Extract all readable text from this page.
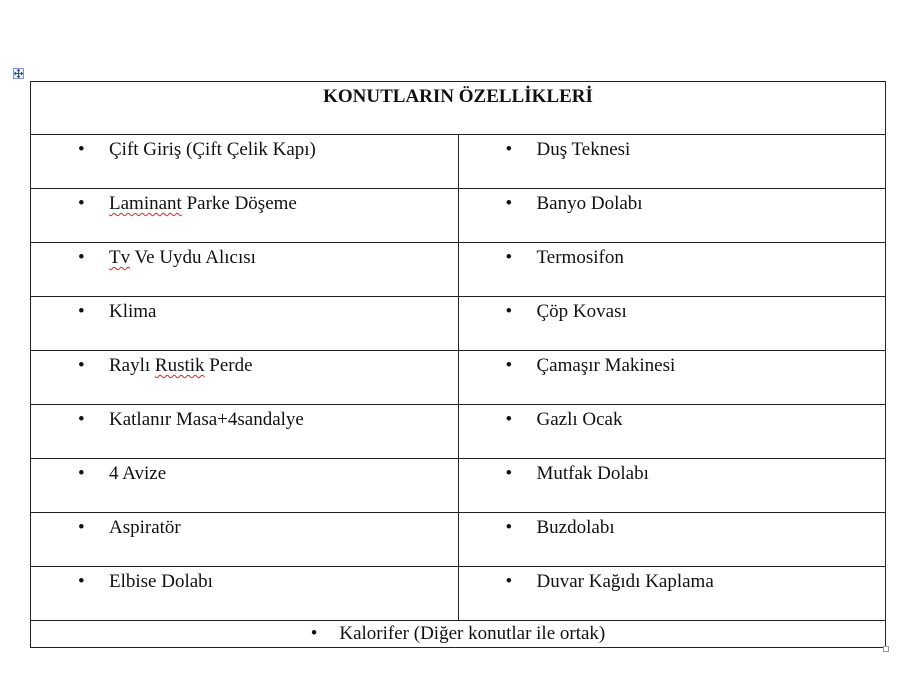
KONUTLARIN ÖZELLİKLERİ	

• Çift Giriş (Çift Çelik Kapı)	• Duş Teknesi

• Laminant Parke Döşeme	• Banyo Dolabı

• Tv Ve Uydu Alıcısı	• Termosifon

• Klima	• Çöp Kovası

• Raylı Rustik Perde	• Çamaşır Makinesi

• Katlanır Masa+4sandalye	• Gazlı Ocak

• 4 Avize	• Mutfak Dolabı

• Aspiratör	• Buzdolabı

• Elbise Dolabı	• Duvar Kağıdı Kaplama

• Kalorifer (Diğer konutlar ile ortak)	
